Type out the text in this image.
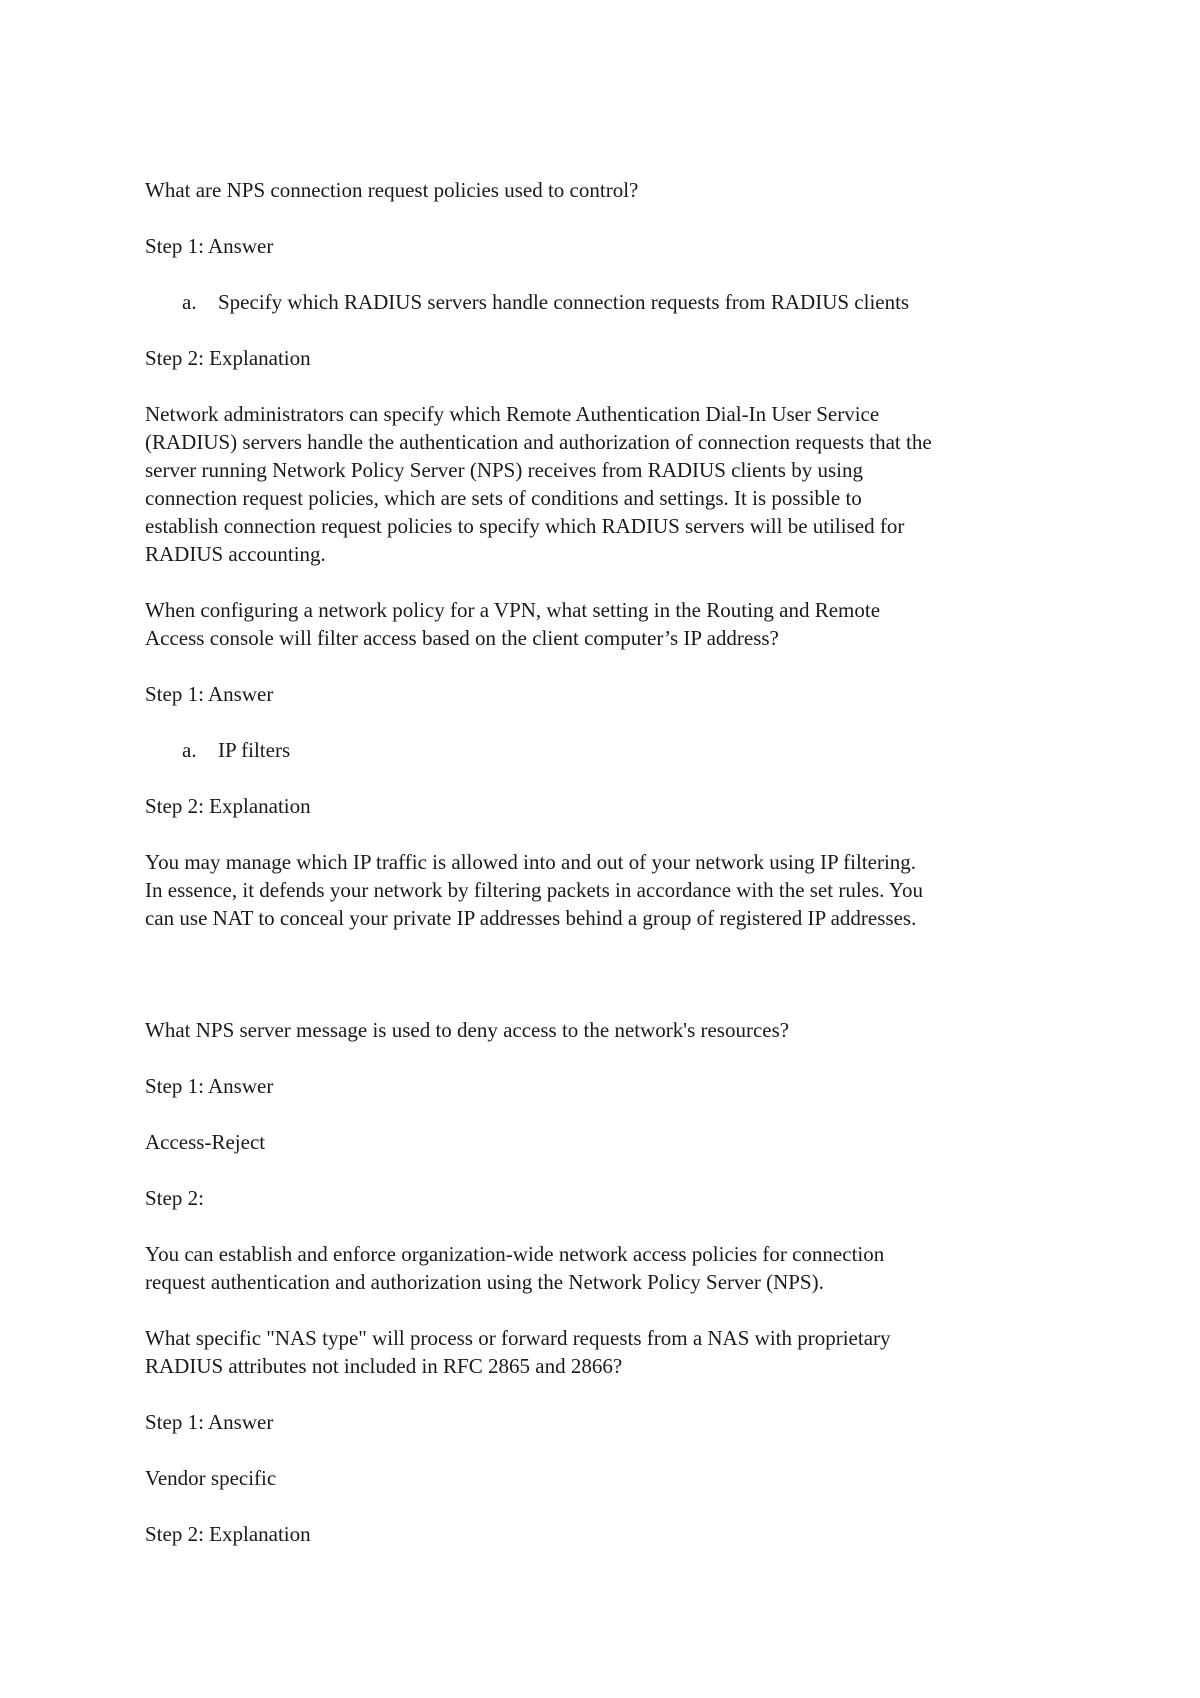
What are NPS connection request policies used to control?
Step 1: Answer
a. Specify which RADIUS servers handle connection requests from RADIUS clients
Step 2: Explanation
Network administrators can specify which Remote Authentication Dial-In User Service
(RADIUS) servers handle the authentication and authorization of connection requests that the
server running Network Policy Server (NPS) receives from RADIUS clients by using
connection request policies, which are sets of conditions and settings. It is possible to
establish connection request policies to specify which RADIUS servers will be utilised for
RADIUS accounting.
When configuring a network policy for a VPN, what setting in the Routing and Remote
Access console will filter access based on the client computer’s IP address?
Step 1: Answer
a. IP filters
Step 2: Explanation
You may manage which IP traffic is allowed into and out of your network using IP filtering.
In essence, it defends your network by filtering packets in accordance with the set rules. You
can use NAT to conceal your private IP addresses behind a group of registered IP addresses.
What NPS server message is used to deny access to the network's resources?
Step 1: Answer
Access-Reject
Step 2:
You can establish and enforce organization-wide network access policies for connection
request authentication and authorization using the Network Policy Server (NPS).
What specific "NAS type" will process or forward requests from a NAS with proprietary
RADIUS attributes not included in RFC 2865 and 2866?
Step 1: Answer
Vendor specific
Step 2: Explanation
